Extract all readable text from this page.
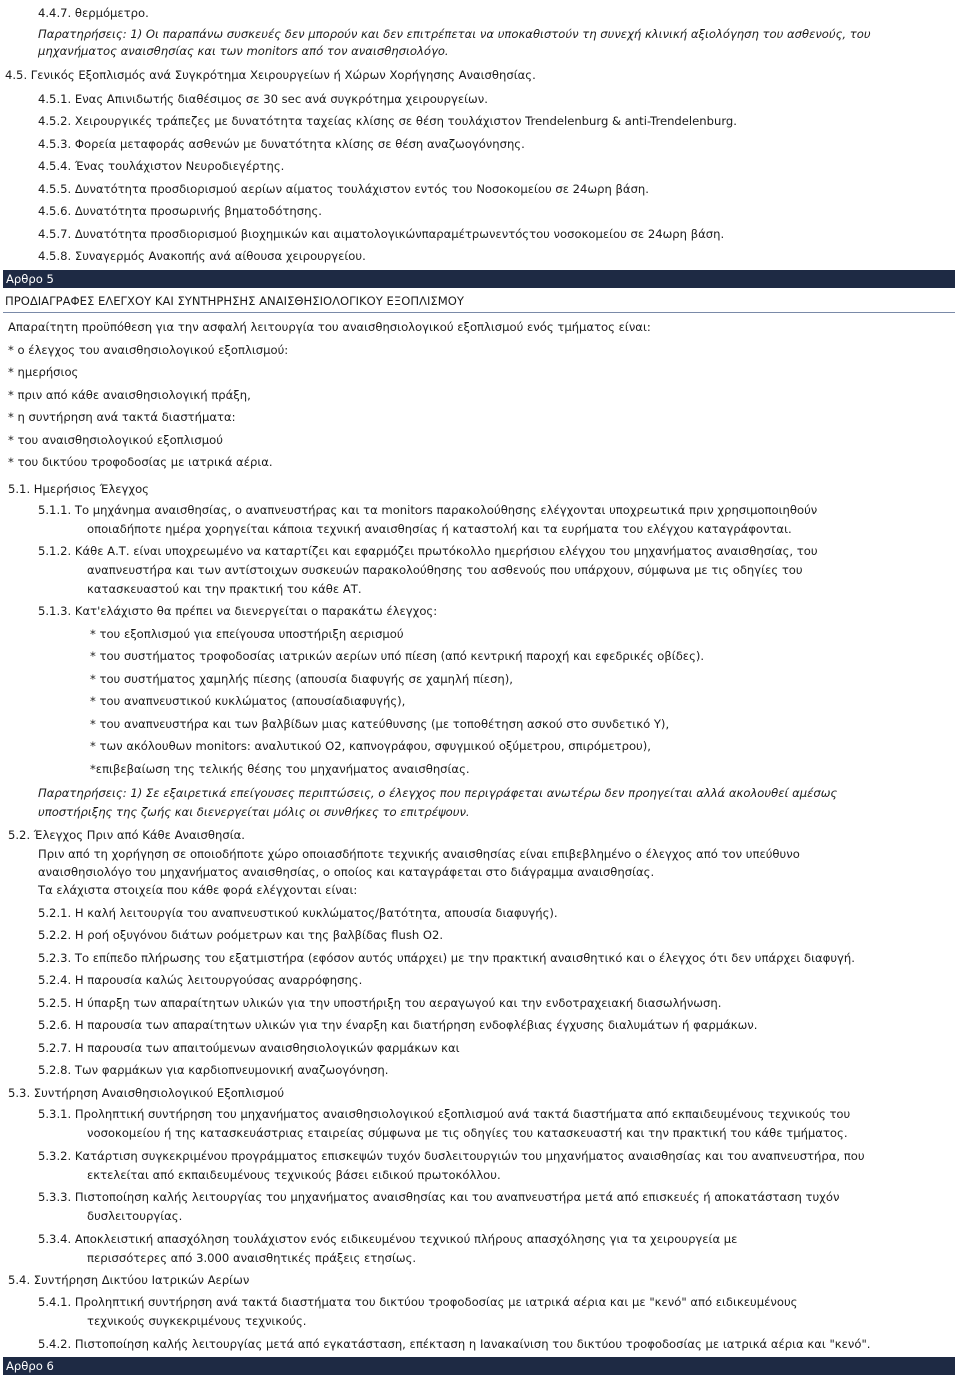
4.4.7. θερμόμετρο.
Παρατηρήσεις: 1) Οι παραπάνω συσκευές δεν μπορούν και δεν επιτρέπεται να υποκαθιστούν τη συνεχή κλινική αξιολόγηση του ασθενούς, του
μηχανήματος αναισθησίας και των monitors από τον αναισθησιολόγο.
4.5. Γενικός Εξοπλισμός ανά Συγκρότημα Χειρουργείων ή Χώρων Χορήγησης Αναισθησίας.
4.5.1. Ενας Απινιδωτής διαθέσιμος σε 30 sec ανά συγκρότημα χειρουργείων.
4.5.2. Χειρουργικές τράπεζες με δυνατότητα ταχείας κλίσης σε θέση τουλάχιστον Trendelenburg & anti-Trendelenburg.
4.5.3. Φορεία μεταφοράς ασθενών με δυνατότητα κλίσης σε θέση αναζωογόνησης.
4.5.4. Ένας τουλάχιστον Νευροδιεγέρτης.
4.5.5. Δυνατότητα προσδιορισμού αερίων αίματος τουλάχιστον εντός του Νοσοκομείου σε 24ωρη βάση.
4.5.6. Δυνατότητα προσωρινής βηματοδότησης.
4.5.7. Δυνατότητα προσδιορισμού βιοχημικών και αιματολογικώνπαραμέτρωνεντόςτου νοσοκομείου σε 24ωρη βάση.
4.5.8. Συναγερμός Ανακοπής ανά αίθουσα χειρουργείου.
Αρθρο 5
ΠΡΟΔΙΑΓΡΑΦΕΣ ΕΛΕΓΧΟΥ ΚΑΙ ΣΥΝΤΗΡΗΣΗΣ ΑΝΑΙΣΘΗΣΙΟΛΟΓΙΚΟΥ ΕΞΟΠΛΙΣΜΟΥ
Απαραίτητη προϋπόθεση για την ασφαλή λειτουργία του αναισθησιολογικού εξοπλισμού ενός τμήματος είναι:
* ο έλεγχος του αναισθησιολογικού εξοπλισμού:
* ημερήσιος
* πριν από κάθε αναισθησιολογική πράξη,
* η συντήρηση ανά τακτά διαστήματα:
* του αναισθησιολογικού εξοπλισμού
* του δικτύου τροφοδοσίας με ιατρικά αέρια.
5.1. Ημερήσιος Έλεγχος
5.1.1. Το μηχάνημα αναισθησίας, ο αναπνευστήρας και τα monitors παρακολούθησης ελέγχονται υποχρεωτικά πριν χρησιμοποιηθούν
οποιαδήποτε ημέρα χορηγείται κάποια τεχνική αναισθησίας ή καταστολή και τα ευρήματα του ελέγχου καταγράφονται.
5.1.2. Κάθε Α.Τ. είναι υποχρεωμένο να καταρτίζει και εφαρμόζει πρωτόκολλο ημερήσιου ελέγχου του μηχανήματος αναισθησίας, του
αναπνευστήρα και των αντίστοιχων συσκευών παρακολούθησης του ασθενούς που υπάρχουν, σύμφωνα με τις οδηγίες του
κατασκευαστού και την πρακτική του κάθε ΑΤ.
5.1.3. Κατ'ελάχιστο θα πρέπει να διενεργείται ο παρακάτω έλεγχος:
* του εξοπλισμού για επείγουσα υποστήριξη αερισμού
* του συστήματος τροφοδοσίας ιατρικών αερίων υπό πίεση (από κεντρική παροχή και εφεδρικές οβίδες).
* του συστήματος χαμηλής πίεσης (απουσία διαφυγής σε χαμηλή πίεση),
* του αναπνευστικού κυκλώματος (απουσίαδιαφυγής),
* του αναπνευστήρα και των βαλβίδων μιας κατεύθυνσης (με τοποθέτηση ασκού στο συνδετικό Υ),
* των ακόλουθων monitors: αναλυτικού Ο2, καπνογράφου, σφυγμικού οξύμετρου, σπιρόμετρου),
*επιβεβαίωση της τελικής θέσης του μηχανήματος αναισθησίας.
Παρατηρήσεις: 1) Σε εξαιρετικά επείγουσες περιπτώσεις, ο έλεγχος που περιγράφεται ανωτέρω δεν προηγείται αλλά ακολουθεί αμέσως
υποστήριξης της ζωής και διενεργείται μόλις οι συνθήκες το επιτρέψουν.
5.2. Έλεγχος Πριν από Κάθε Αναισθησία.
Πριν από τη χορήγηση σε οποιοδήποτε χώρο οποιασδήποτε τεχνικής αναισθησίας είναι επιβεβλημένο ο έλεγχος από τον υπεύθυνο
αναισθησιολόγο του μηχανήματος αναισθησίας, ο οποίος και καταγράφεται στο διάγραμμα αναισθησίας.
Τα ελάχιστα στοιχεία που κάθε φορά ελέγχονται είναι:
5.2.1. Η καλή λειτουργία του αναπνευστικού κυκλώματος/βατότητα, απουσία διαφυγής).
5.2.2. Η ροή οξυγόνου διάτων ροόμετρων και της βαλβίδας flush Ο2.
5.2.3. Το επίπεδο πλήρωσης του εξατμιστήρα (εφόσον αυτός υπάρχει) με την πρακτική αναισθητικό και ο έλεγχος ότι δεν υπάρχει διαφυγή.
5.2.4. Η παρουσία καλώς λειτουργούσας αναρρόφησης.
5.2.5. Η ύπαρξη των απαραίτητων υλικών για την υποστήριξη του αεραγωγού και την ενδοτραχειακή διασωλήνωση.
5.2.6. Η παρουσία των απαραίτητων υλικών για την έναρξη και διατήρηση ενδοφλέβιας έγχυσης διαλυμάτων ή φαρμάκων.
5.2.7. Η παρουσία των απαιτούμενων αναισθησιολογικών φαρμάκων και
5.2.8. Των φαρμάκων για καρδιοπνευμονική αναζωογόνηση.
5.3. Συντήρηση Αναισθησιολογικού Εξοπλισμού
5.3.1. Προληπτική συντήρηση του μηχανήματος αναισθησιολογικού εξοπλισμού ανά τακτά διαστήματα από εκπαιδευμένους τεχνικούς του
νοσοκομείου ή της κατασκευάστριας εταιρείας σύμφωνα με τις οδηγίες του κατασκευαστή και την πρακτική του κάθε τμήματος.
5.3.2. Κατάρτιση συγκεκριμένου προγράμματος επισκεψών τυχόν δυσλειτουργιών του μηχανήματος αναισθησίας και του αναπνευστήρα, που
εκτελείται από εκπαιδευμένους τεχνικούς βάσει ειδικού πρωτοκόλλου.
5.3.3. Πιστοποίηση καλής λειτουργίας του μηχανήματος αναισθησίας και του αναπνευστήρα μετά από επισκευές ή αποκατάσταση τυχόν
δυσλειτουργίας.
5.3.4. Αποκλειστική απασχόληση τουλάχιστον ενός ειδικευμένου τεχνικού πλήρους απασχόλησης για τα χειρουργεία με
περισσότερες από 3.000 αναισθητικές πράξεις ετησίως.
5.4. Συντήρηση Δικτύου Ιατρικών Αερίων
5.4.1. Προληπτική συντήρηση ανά τακτά διαστήματα του δικτύου τροφοδοσίας με ιατρικά αέρια και με "κενό" από ειδικευμένους
τεχνικούς συγκεκριμένους τεχνικούς.
5.4.2. Πιστοποίηση καλής λειτουργίας μετά από εγκατάσταση, επέκταση η Ιανακαίνιση του δικτύου τροφοδοσίας με ιατρικά αέρια και "κενό".
Αρθρο 6
